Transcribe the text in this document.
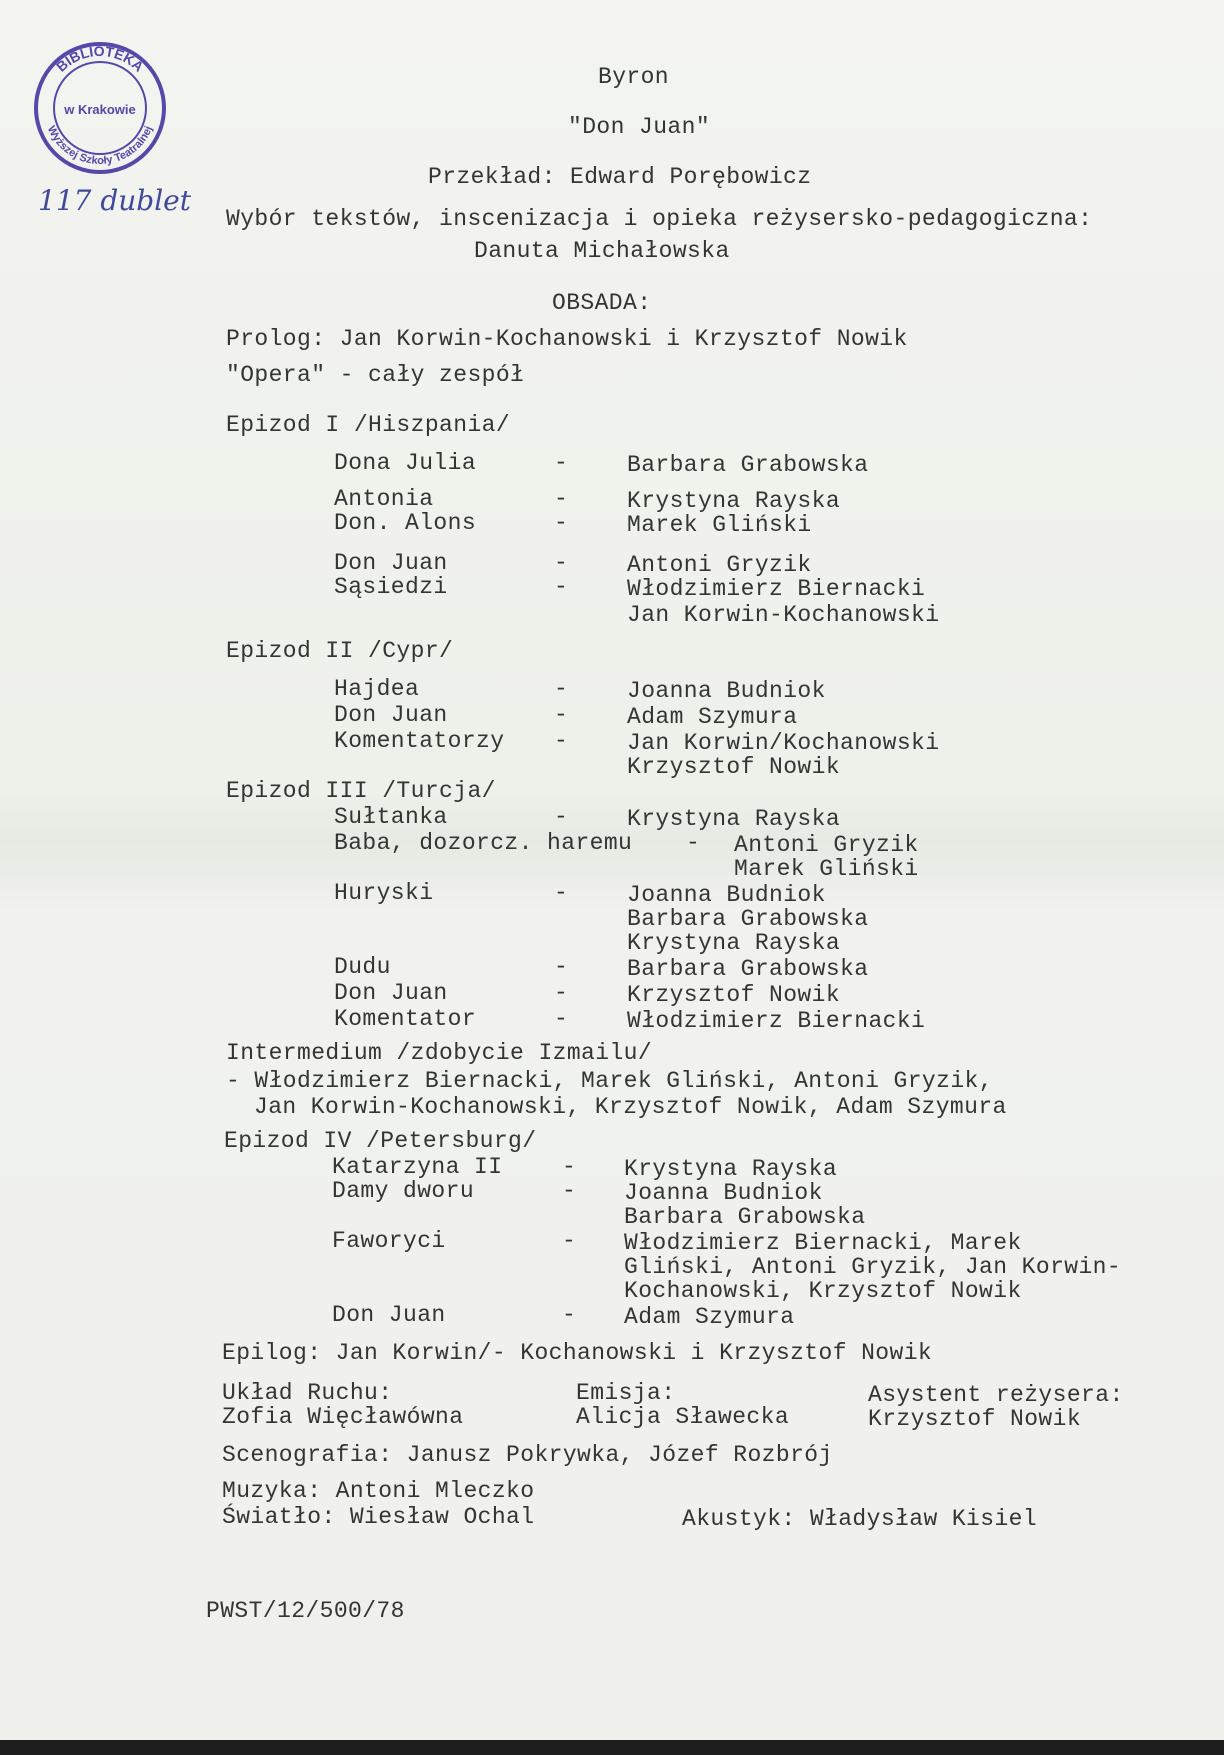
BIBLIOTEKA
Wyższej Szkoły Teatralnej
w Krakowie
117 dublet
Byron
"Don Juan"
Przekład: Edward Porębowicz
Wybór tekstów, inscenizacja i opieka reżysersko-pedagogiczna:
Danuta Michałowska
OBSADA:
Prolog: Jan Korwin-Kochanowski i Krzysztof Nowik
"Opera" - cały zespół
Epizod I /Hiszpania/
Dona Julia	-	Barbara Grabowska
Antonia	-	Krystyna Rayska
Don. Alons	-	Marek Gliński
Don Juan	-	Antoni Gryzik
Sąsiedzi	-	Włodzimierz Biernacki
Jan Korwin-Kochanowski
Epizod II /Cypr/
Hajdea	-	Joanna Budniok
Don Juan	-	Adam Szymura
Komentatorzy -	Jan Korwin/Kochanowski
Krzysztof Nowik
Epizod III /Turcja/
Sułtanka	-	Krystyna Rayska
Baba, dozorcz. haremu - Antoni Gryzik
Marek Gliński
Huryski	-	Joanna Budniok
Barbara Grabowska
Krystyna Rayska
Dudu	-	Barbara Grabowska
Don Juan	-	Krzysztof Nowik
Komentator	-	Włodzimierz Biernacki
Intermedium /zdobycie Izmailu/
- Włodzimierz Biernacki, Marek Gliński, Antoni Gryzik,
Jan Korwin-Kochanowski, Krzysztof Nowik, Adam Szymura
Epizod IV /Petersburg/
Katarzyna II	- Krystyna Rayska
Damy dworu	- Joanna Budniok
Barbara Grabowska
Faworyci	- Włodzimierz Biernacki, Marek
Gliński, Antoni Gryzik, Jan Korwin-
Kochanowski, Krzysztof Nowik
Don Juan	- Adam Szymura
Epilog: Jan Korwin/- Kochanowski i Krzysztof Nowik
Układ Ruchu:
Zofia Więcławówna
Emisja:
Alicja Sławecka
Asystent reżysera:
Krzysztof Nowik
Scenografia: Janusz Pokrywka, Józef Rozbrój
Muzyka: Antoni Mleczko
Światło: Wiesław Ochal	Akustyk: Władysław Kisiel
PWST/12/500/78
